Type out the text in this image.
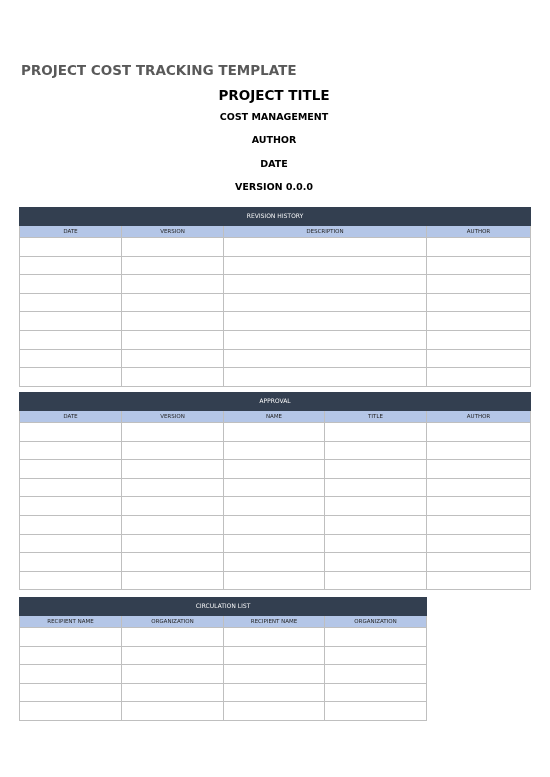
PROJECT COST TRACKING TEMPLATE
PROJECT TITLE
COST MANAGEMENT
AUTHOR
DATE
VERSION 0.0.0
REVISION HISTORY			
DATE	VERSION	DESCRIPTION	AUTHOR

APPROVAL				
DATE	VERSION	NAME	TITLE	AUTHOR

CIRCULATION LIST			
RECIPIENT NAME	ORGANIZATION	RECIPIENT NAME	ORGANIZATION
